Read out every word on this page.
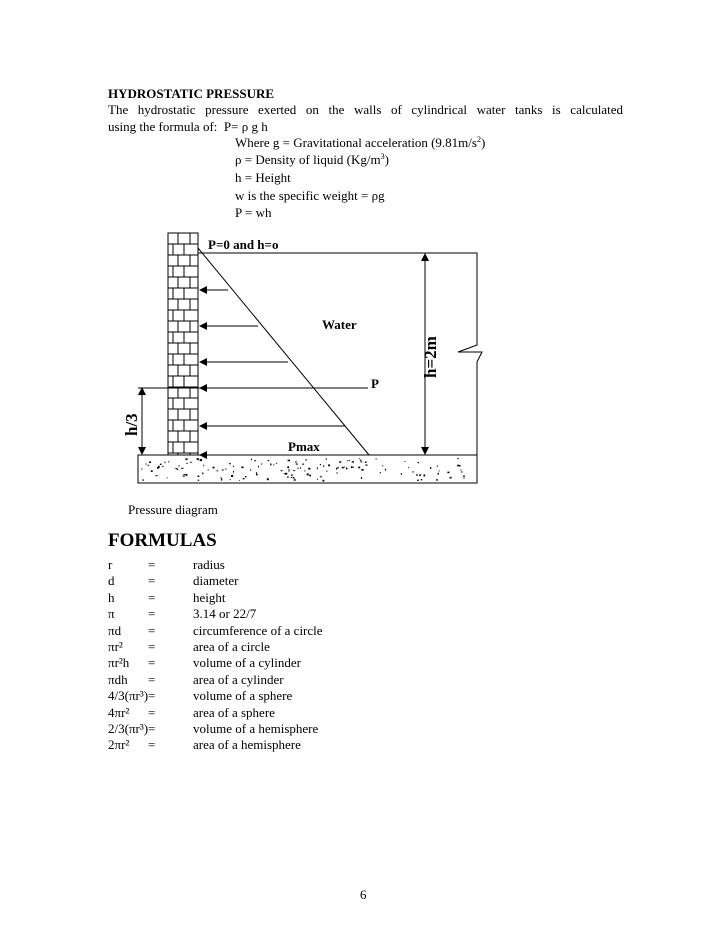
HYDROSTATIC PRESSURE
The hydrostatic pressure exerted on the walls of cylindrical water tanks is calculated
using the formula of: P= ρ g h
Where g = Gravitational acceleration $(9.81m/s^2)$
ρ = Density of liquid $(Kg/m^3)$
h = Height
w is the specific weight = ρg
P = wh
P=0 and h=o
Water
P
Pmax
h=2m
h/3
Pressure diagram
FORMULAS
r	=	radius
d	=	diameter
h	=	height
π	=	3.14 or 22/7
πd =	circumference of a circle
πr² =	area of a circle
πr²h =	volume of a cylinder
πdh =	area of a cylinder
4/3(πr³)=	volume of a sphere
4πr² =	area of a sphere
2/3(πr³)=	volume of a hemisphere
2πr² =	area of a hemisphere
6
